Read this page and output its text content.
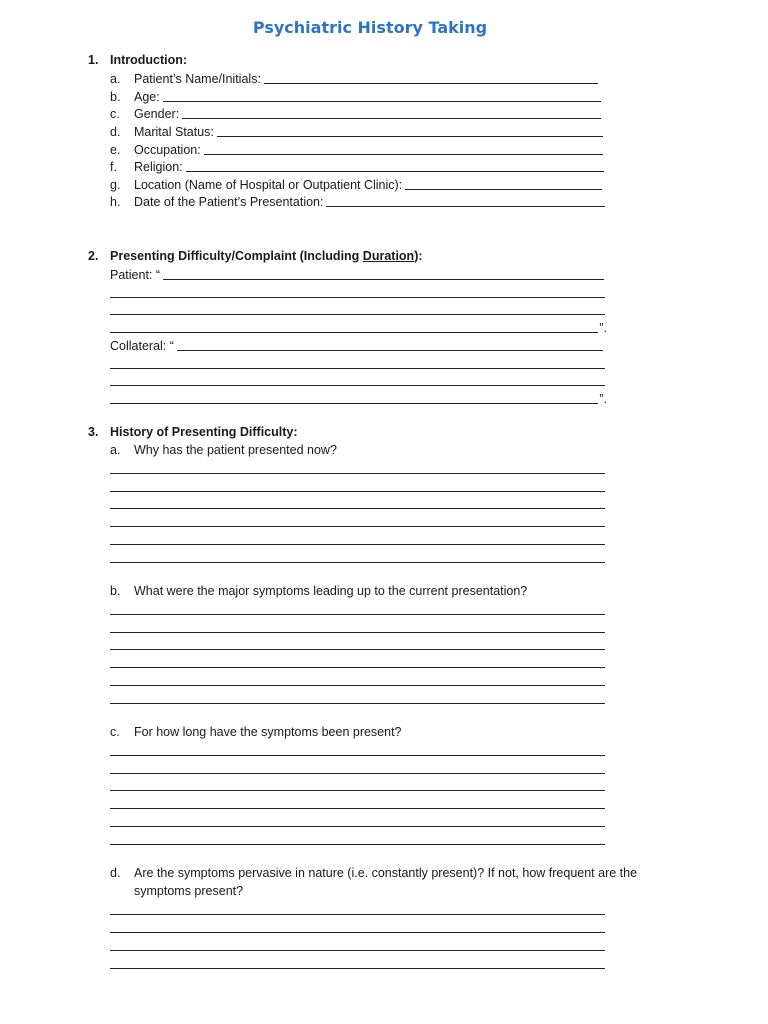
Psychiatric History Taking
1. Introduction:
a.	Patient’s Name/Initials:
b.	Age:
c.	Gender:
d.	Marital Status:
e.	Occupation:
f.	Religion:
g.	Location (Name of Hospital or Outpatient Clinic):
h.	Date of the Patient’s Presentation:
2. Presenting Difficulty/Complaint (Including Duration):
Patient: “
”.
Collateral: “
”.
3. History of Presenting Difficulty:
a. Why has the patient presented now?
b. What were the major symptoms leading up to the current presentation?
c. For how long have the symptoms been present?
d. Are the symptoms pervasive in nature (i.e. constantly present)? If not, how frequent are the
symptoms present?
